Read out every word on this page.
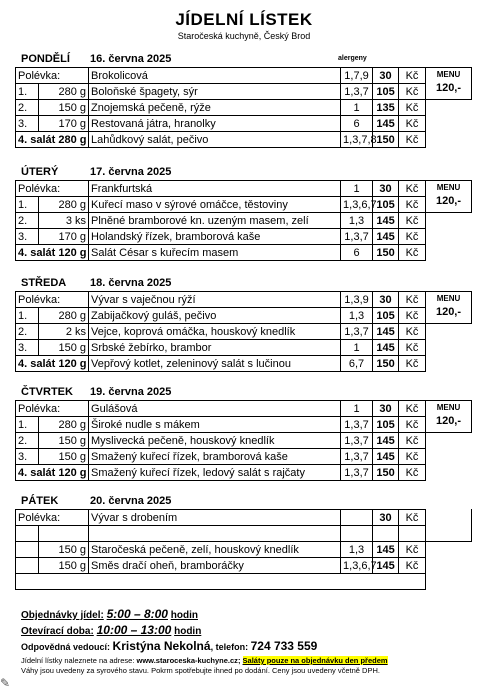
JÍDELNÍ LÍSTEK
Staročeská kuchyně, Český Brod
alergeny
PONDĚLÍ 16. června 2025
Polévka:		Brokolicová	1,7,9	30	Kč
1.	280 g	Boloňské špagety, sýr	1,3,7	105	Kč
2.	150 g	Znojemská pečeně, rýže	1	135	Kč
3.	170 g	Restovaná játra, hranolky	6	145	Kč
4. salát 280 g		Lahůdkový salát, pečivo	1,3,7,8	150	Kč
MENU
120,-
ÚTERÝ	17. června 2025
Polévka:		Frankfurtská	1	30	Kč
1.	280 g	Kuřecí maso v sýrové omáčce, těstoviny	1,3,6,7	105	Kč
2.	3 ks	Plněné bramborové kn. uzeným masem, zelí	1,3	145	Kč
3.	170 g	Holandský řízek, bramborová kaše	1,3,7	145	Kč
4. salát 120 g		Salát César s kuřecím masem	6	150	Kč
MENU
120,-
STŘEDA 18. června 2025
Polévka:		Vývar s vaječnou rýží	1,3,9	30	Kč
1.	280 g	Zabijačkový guláš, pečivo	1,3	105	Kč
2.	2 ks	Vejce, koprová omáčka, houskový knedlík	1,3,7	145	Kč
3.	150 g	Srbské žebírko, brambor	1	145	Kč
4. salát 120 g		Vepřový kotlet, zeleninový salát s lučinou	6,7	150	Kč
MENU
120,-
ČTVRTEK 19. června 2025
Polévka:		Gulášová	1	30	Kč
1.	280 g	Široké nudle s mákem	1,3,7	105	Kč
2.	150 g	Myslivecká pečeně, houskový knedlík	1,3,7	145	Kč
3.	150 g	Smažený kuřecí řízek, bramborová kaše	1,3,7	145	Kč
4. salát 120 g		Smažený kuřecí řízek, ledový salát s rajčaty	1,3,7	150	Kč
MENU
120,-
PÁTEK	20. června 2025
Polévka:		Vývar s drobením		30	Kč

	150 g	Staročeská pečeně, zelí, houskový knedlík	1,3	145	Kč
	150 g	Směs dračí oheň, bramboráčky	1,3,6,7	145	Kč

Objednávky jídel: 5:00 – 8:00 hodin
Otevírací doba: 10:00 – 13:00 hodin
Odpovědná vedoucí: Kristýna Nekolná, telefon: 724 733 559
Jídelní lístky naleznete na adrese: www.staroceska-kuchyne.cz; Saláty pouze na objednávku den předem
Váhy jsou uvedeny za syrového stavu. Pokrm spotřebujte ihned po dodání. Ceny jsou uvedeny včetně DPH.
✎
